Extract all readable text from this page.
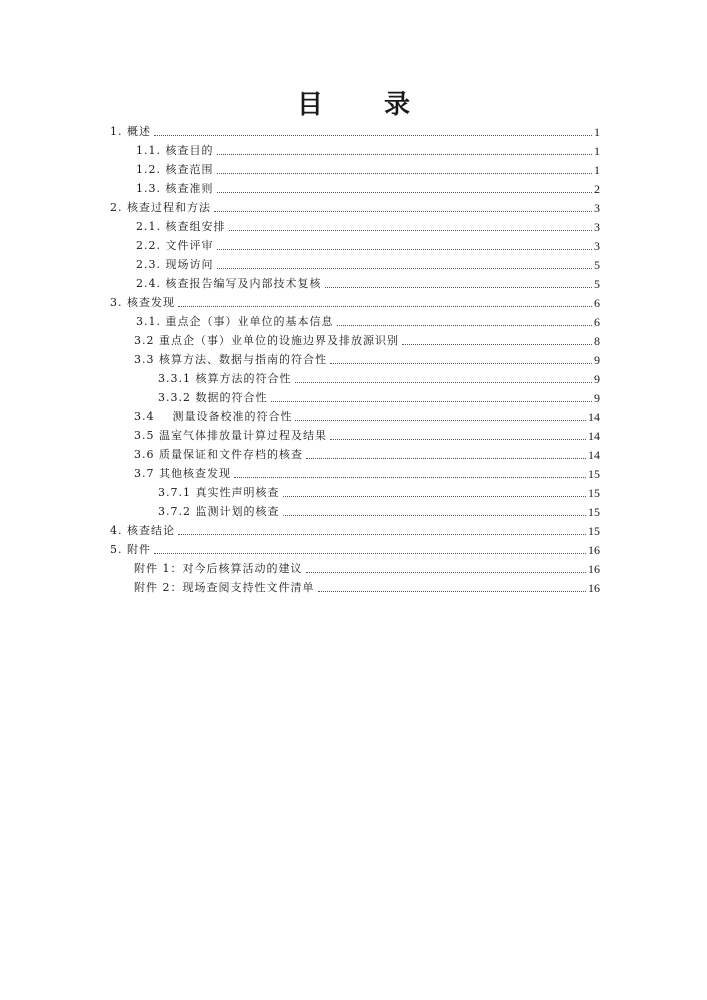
目 录
1. 概述	1
1.1. 核查目的	1
1.2. 核查范围	1
1.3. 核查准则	2
2. 核查过程和方法	3
2.1. 核查组安排	3
2.2. 文件评审	3
2.3. 现场访问	5
2.4. 核查报告编写及内部技术复核	5
3. 核查发现	6
3.1. 重点企（事）业单位的基本信息	6
3.2 重点企（事）业单位的设施边界及排放源识别	8
3.3 核算方法、数据与指南的符合性	9
3.3.1 核算方法的符合性	9
3.3.2 数据的符合性	9
3.4    测量设备校准的符合性	14
3.5 温室气体排放量计算过程及结果	14
3.6 质量保证和文件存档的核查	14
3.7 其他核查发现	15
3.7.1 真实性声明核查	15
3.7.2 监测计划的核查	15
4. 核查结论	15
5. 附件	16
附件 1：对今后核算活动的建议	16
附件 2：现场查阅支持性文件清单	16
